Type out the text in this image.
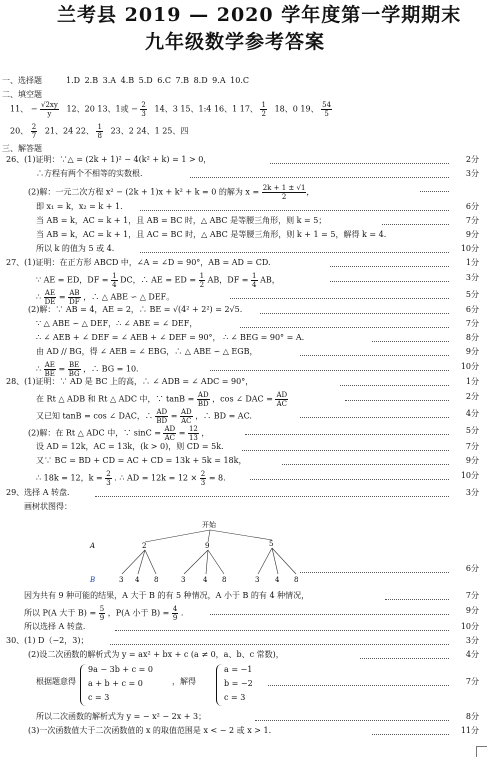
兰考县 2019 — 2020 学年度第一学期期末
九年级数学参考答案
一、选择题	1.D 2.B 3.A 4.B 5.D 6.C 7.B 8.D 9.A 10.C
二、填空题
11、 − $\frac{√2xy}{y} 12$、20 13、1或 − $\frac{2}{3} 14$、3 15、1:4 16、1 17、 $\frac{1}{2} 18$、0 19、 $\frac{54}{5}$
20、 $\frac{2}{7} 21$、24 22、 $\frac{1}{8} 23$、2 24、1 25、四
三、解答题
26、(1)证明：∵△ = (2k + 1)² − 4(k² + k) = 1 > 0，	2分
∴方程有两个不相等的实数根．	3分
(2)解：一元二次方程 x² − (2k + 1)x + k² + k = 0 的解为 $x = \frac{2k + 1 \pm √1}{2}$ ，
即 x₁ = k，x₂ = k + 1.	6分
当 AB = k，AC = k + 1，且 AB = BC 时，△ ABC 是等腰三角形，则 k = 5；	7分
当 AB = k，AC = k + 1，且 AC = BC 时，△ ABC 是等腰三角形，则 k + 1 = 5，解得 k = 4.	9分
所以 k 的值为 5 或 4.	10分
27、(1)证明：在正方形 ABCD 中，∠A = ∠D = 90°，AB = AD = CD.	1分
∵ AE = ED，DF = $\frac{1}{4}$ DC，∴ AE = ED = $\frac{1}{2}$ AB，DF = $\frac{1}{4}$ AB，	3分
∴ $\frac{AE}{DE} = \frac{AB}{DF}$ ，∴ △ ABE ∽ △ DEF。	5分
(2)解：∵ AB = 4，AE = 2，∴ BE = √(4² + 2²) = 2√5.	6分
∵ △ ABE ∽ △ DEF，∴ ∠ ABE = ∠ DEF，	7分
∴ ∠ AEB + ∠ DEF = ∠ AEB + ∠ DEF = 90°， ∴ ∠ BEG = 90° = A.	8分
由 AD // BG，得 ∠ AEB = ∠ EBG，∴ △ ABE ∽ △ EGB，	9分
∴ $\frac{AE}{BE} = \frac{BE}{BG}$ ，∴ BG = 10.	10分
28、(1)证明：∵ AD 是 BC 上的高，∴ ∠ ADB = ∠ ADC = 90°，	1分
在 Rt △ ADB 和 Rt △ ADC 中，∵ $\tan B = \frac{AD}{BD}$ ，cos ∠ DAC = $\frac{AD}{AC}$	2分
又已知 tanB = cos ∠ DAC，∴ $\frac{AD}{BD} = \frac{AD}{AC}$ ，∴ BD = AC.	4分
(2)解：在 Rt △ ADC 中，∵ $\sin C = \frac{AD}{AC} = \frac{12}{13}$ ，	5分
设 AD = 12k，AC = 13k，(k > 0)，则 CD = 5k.	7分
又∵ BC = BD + CD = AC + CD = 13k + 5k = 18k，	9分
∴ 18k = 12，$k = \frac{2}{3}$ . ∴ AD = $12k = 12 \times \frac{2}{3} = 8$.	10分
29、选择 A 转盘．	3分
画树状图得：
开始
A
B
2	9	5
3 4 8	3	4 8	3 4 8
6分
因为共有 9 种可能的结果，A 大于 B 的有 5 种情况，A 小于 B 的有 4 种情况，	7分
所以 P(A 大于 $B) = \frac{5}{9}$ ，P(A 小于 $B) = \frac{4}{9}$ .	9分
所以选择 A 转盘．	10分
30、(1) D（−2，3)；	3分
(2)设二次函数的解析式为 y = ax² + bx + c (a ≠ 0，a、b、c 常数)，	4分
根据题意得
9a − 3b + c = 0
a + b + c = 0
c = 3
，解得
a = −1
b = −2
c = 3
7分
所以二次函数的解析式为 y = − x² − 2x + 3；	8分
(3)一次函数值大于二次函数值的 x 的取值范围是 x < − 2 或 x > 1.	11分
